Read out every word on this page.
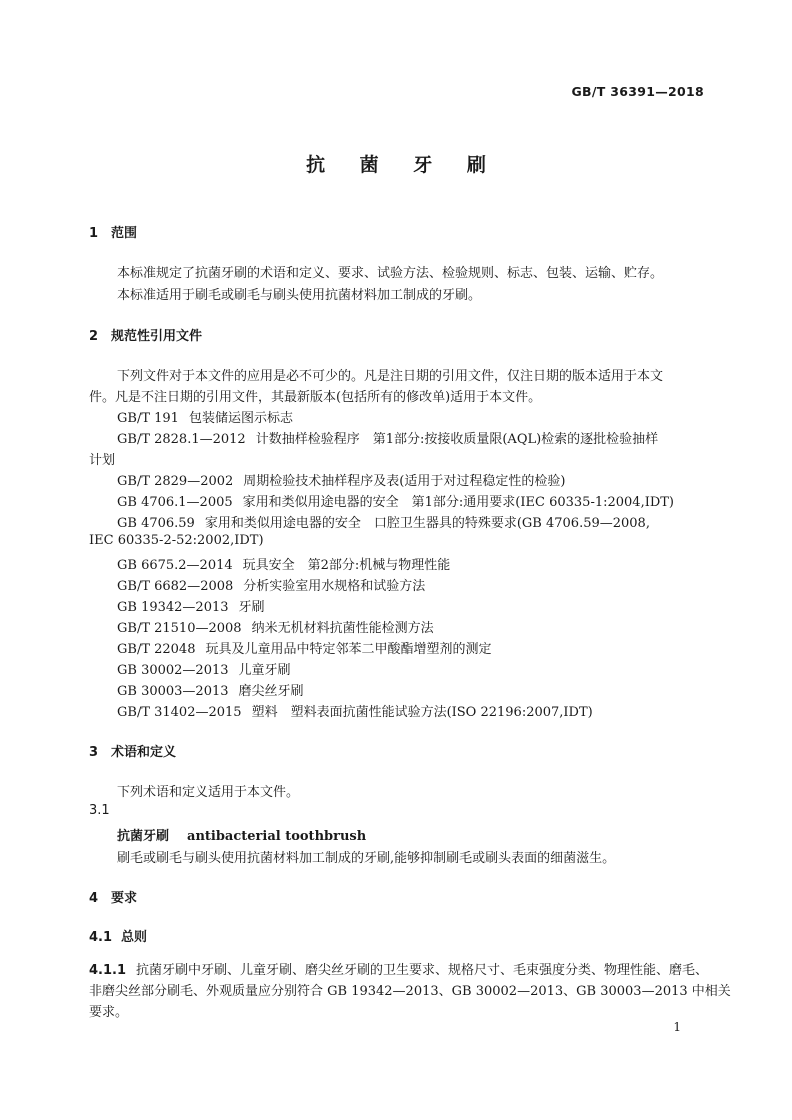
GB/T 36391—2018
抗 菌 牙 刷
1 范围
本标准规定了抗菌牙刷的术语和定义、要求、试验方法、检验规则、标志、包装、运输、贮存。
本标准适用于刷毛或刷毛与刷头使用抗菌材料加工制成的牙刷。
2 规范性引用文件
下列文件对于本文件的应用是必不可少的。凡是注日期的引用文件，仅注日期的版本适用于本文
件。凡是不注日期的引用文件，其最新版本(包括所有的修改单)适用于本文件。
GB/T 191 包装储运图示标志
GB/T 2828.1—2012 计数抽样检验程序　第1部分:按接收质量限(AQL)检索的逐批检验抽样
计划
GB/T 2829—2002 周期检验技术抽样程序及表(适用于对过程稳定性的检验)
GB 4706.1—2005 家用和类似用途电器的安全　第1部分:通用要求(IEC 60335-1:2004,IDT)
GB 4706.59 家用和类似用途电器的安全　口腔卫生器具的特殊要求(GB 4706.59—2008,
IEC 60335-2-52:2002,IDT)
GB 6675.2—2014 玩具安全　第2部分:机械与物理性能
GB/T 6682—2008 分析实验室用水规格和试验方法
GB 19342—2013 牙刷
GB/T 21510—2008 纳米无机材料抗菌性能检测方法
GB/T 22048 玩具及儿童用品中特定邻苯二甲酸酯增塑剂的测定
GB 30002—2013 儿童牙刷
GB 30003—2013 磨尖丝牙刷
GB/T 31402—2015 塑料　塑料表面抗菌性能试验方法(ISO 22196:2007,IDT)
3 术语和定义
下列术语和定义适用于本文件。
3.1
抗菌牙刷 antibacterial toothbrush
刷毛或刷毛与刷头使用抗菌材料加工制成的牙刷,能够抑制刷毛或刷头表面的细菌滋生。
4 要求
4.1 总则
4.1.1 抗菌牙刷中牙刷、儿童牙刷、磨尖丝牙刷的卫生要求、规格尺寸、毛束强度分类、物理性能、磨毛、
非磨尖丝部分刷毛、外观质量应分别符合 GB 19342—2013、GB 30002—2013、GB 30003—2013 中相关
要求。
1
